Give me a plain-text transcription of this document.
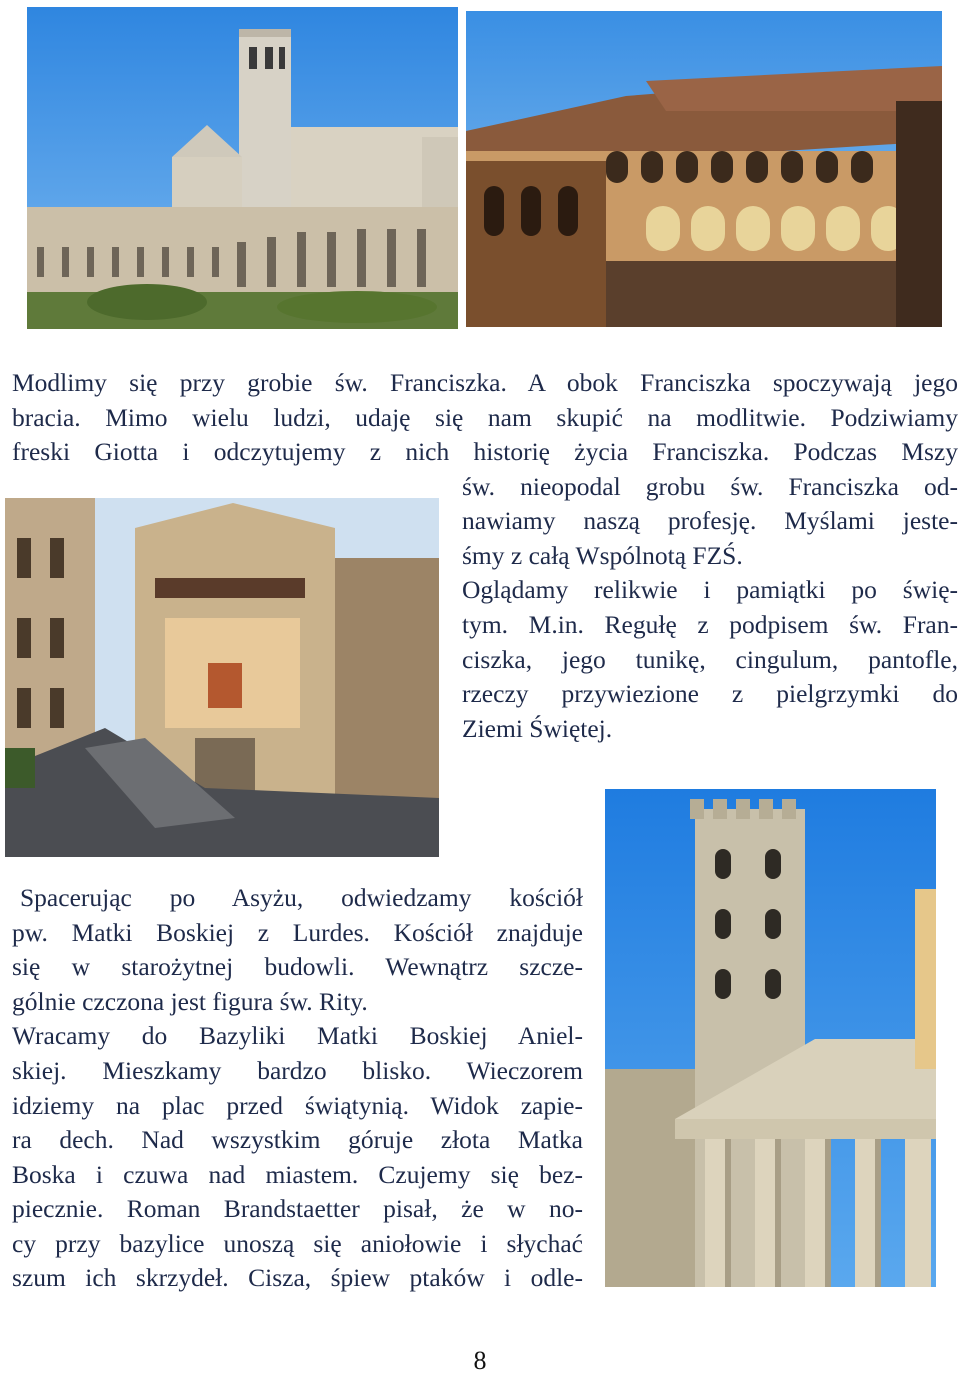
Modlimy się przy grobie św. Franciszka. A obok Franciszka spoczywają jego
bracia. Mimo wielu ludzi, udaję się nam skupić na modlitwie. Podziwiamy
freski Giotta i odczytujemy z nich historię życia Franciszka. Podczas Mszy
św. nieopodal grobu św. Franciszka od-
nawiamy naszą profesję. Myślami jeste-
śmy z całą Wspólnotą FZŚ.
Oglądamy relikwie i pamiątki po świę-
tym. M.in. Regułę z podpisem św. Fran-
ciszka, jego tunikę, cingulum, pantofle,
rzeczy przywiezione z pielgrzymki do
Ziemi Świętej.
Spacerując po Asyżu, odwiedzamy kościół
pw. Matki Boskiej z Lurdes. Kościół znajduje
się w starożytnej budowli. Wewnątrz szcze-
gólnie czczona jest figura św. Rity.
Wracamy do Bazyliki Matki Boskiej Aniel-
skiej. Mieszkamy bardzo blisko. Wieczorem
idziemy na plac przed świątynią. Widok zapie-
ra dech. Nad wszystkim góruje złota Matka
Boska i czuwa nad miastem. Czujemy się bez-
piecznie. Roman Brandstaetter pisał, że w no-
cy przy bazylice unoszą się aniołowie i słychać
szum ich skrzydeł. Cisza, śpiew ptaków i odle-
8
